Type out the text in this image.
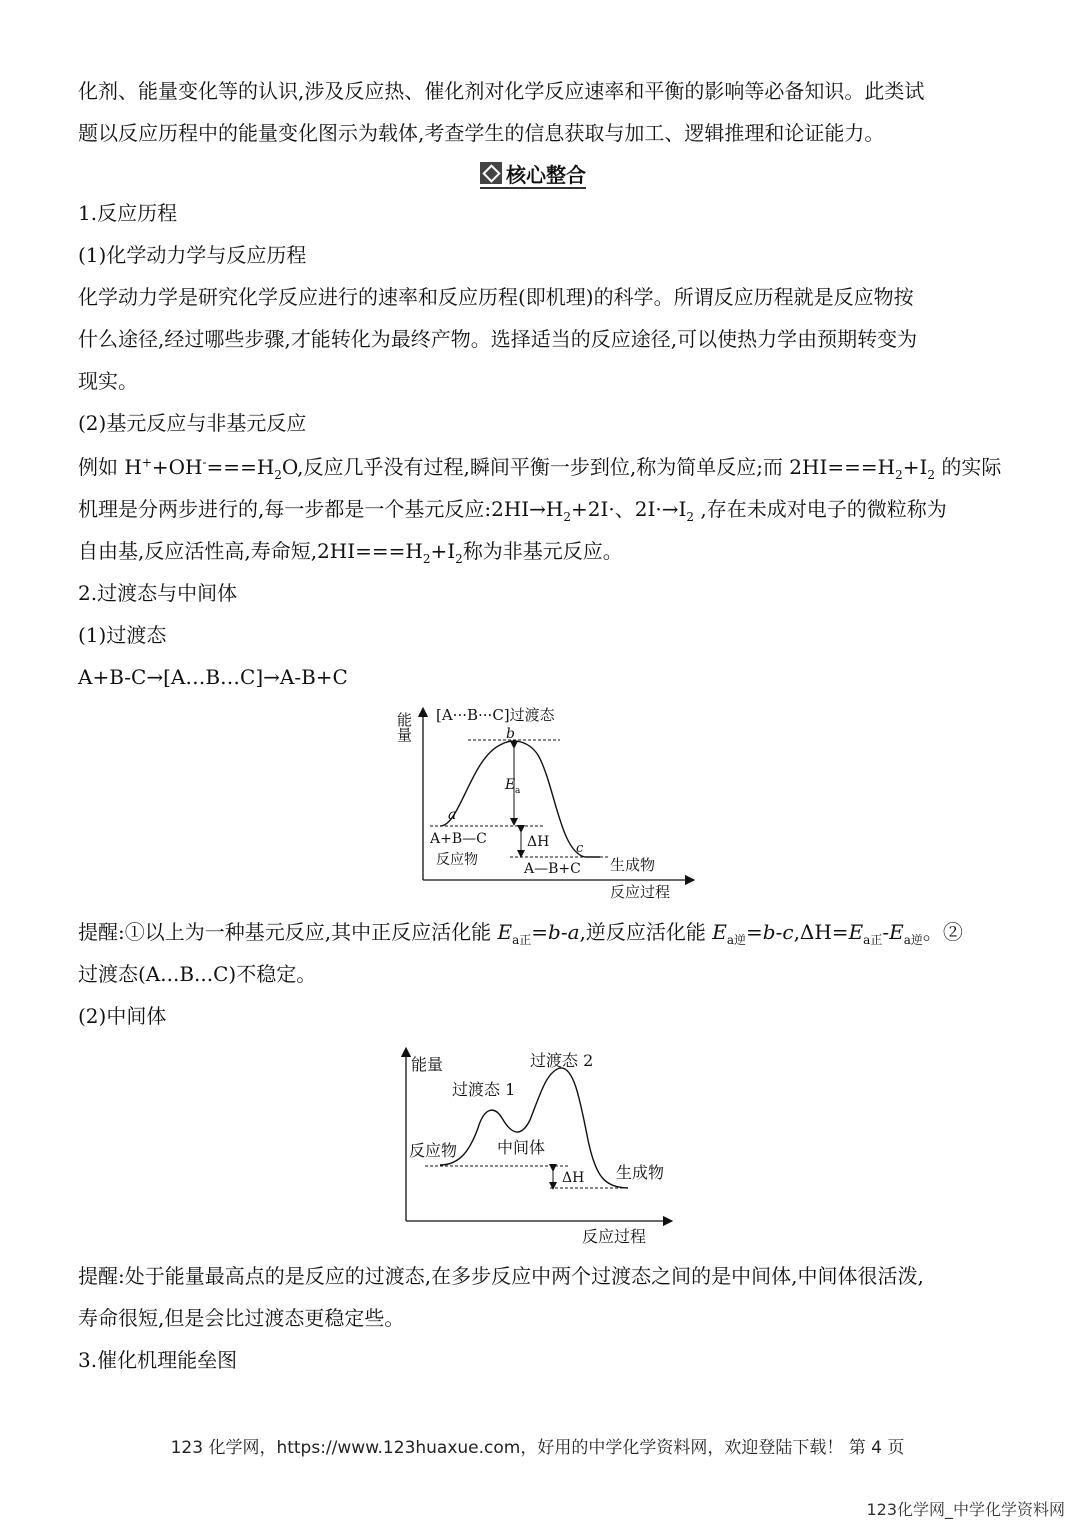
化剂、能量变化等的认识,涉及反应热、催化剂对化学反应速率和平衡的影响等必备知识。此类试
题以反应历程中的能量变化图示为载体,考查学生的信息获取与加工、逻辑推理和论证能力。
核心整合
1.反应历程
(1)化学动力学与反应历程
化学动力学是研究化学反应进行的速率和反应历程(即机理)的科学。所谓反应历程就是反应物按
什么途径,经过哪些步骤,才能转化为最终产物。选择适当的反应途径,可以使热力学由预期转变为
现实。
(2)基元反应与非基元反应
例如 $H^++OH^-===H_2O$,反应几乎没有过程,瞬间平衡一步到位,称为简单反应;而 $2HI===H_2+I_2$ 的实际
机理是分两步进行的,每一步都是一个基元反应$:2HI\to H_2+2I\cdot$、$2I\cdot\to I_2$ ,存在未成对电子的微粒称为
自由基,反应活性高,寿命短$,2HI===H_2+I_2$称为非基元反应。
2.过渡态与中间体
(1)过渡态
A+B-C→[A…B…C]→A-B+C
能量 [A···B···C]过渡态
b
a
c
E a
ΔH
A+B—C
反应物	生成物
A—B+C
反应过程
提醒:①以上为一种基元反应,其中正反应活化能 $E_{a正}=b-a$,逆反应活化能 $E_{a逆}=b-c,\Delta H=E_{a正}-E_{a逆}$。②
过渡态(A...B...C)不稳定。
(2)中间体
能量
过渡态 1
过渡态 2
中间体
反应物
生成物
ΔH
反应过程
提醒:处于能量最高点的是反应的过渡态,在多步反应中两个过渡态之间的是中间体,中间体很活泼,
寿命很短,但是会比过渡态更稳定些。
3.催化机理能垒图
123 化学网，https://www.123huaxue.com，好用的中学化学资料网，欢迎登陆下载！ 第 4 页
123化学网_中学化学资料网
